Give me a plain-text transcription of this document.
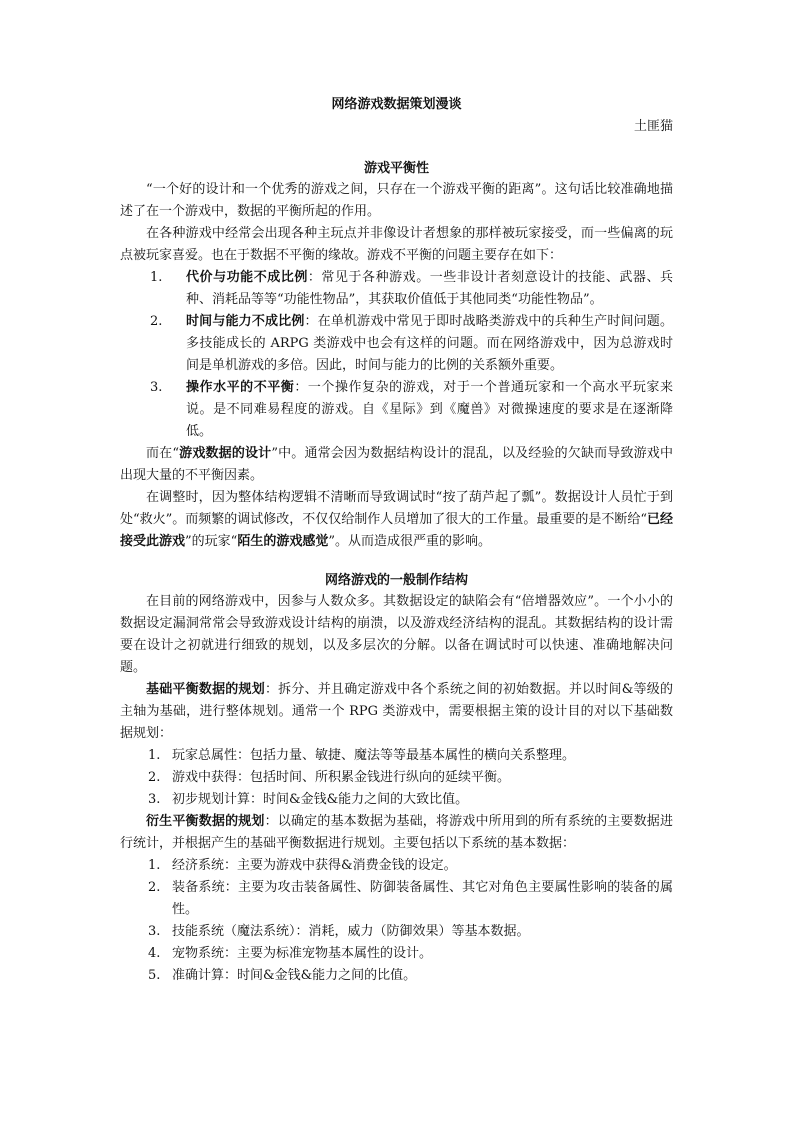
网络游戏数据策划漫谈
土匪猫
游戏平衡性

“一个好的设计和一个优秀的游戏之间，只存在一个游戏平衡的距离”。这句话比较准确地描述了在一个游戏中，数据的平衡所起的作用。

在各种游戏中经常会出现各种主玩点并非像设计者想象的那样被玩家接受，而一些偏离的玩点被玩家喜爱。也在于数据不平衡的缘故。游戏不平衡的问题主要存在如下：

1. 代价与功能不成比例：常见于各种游戏。一些非设计者刻意设计的技能、武器、兵种、消耗品等等“功能性物品”，其获取价值低于其他同类“功能性物品”。
2. 时间与能力不成比例：在单机游戏中常见于即时战略类游戏中的兵种生产时间问题。多技能成长的 ARPG 类游戏中也会有这样的问题。而在网络游戏中，因为总游戏时间是单机游戏的多倍。因此，时间与能力的比例的关系额外重要。
3. 操作水平的不平衡：一个操作复杂的游戏，对于一个普通玩家和一个高水平玩家来说。是不同难易程度的游戏。自《星际》到《魔兽》对微操速度的要求是在逐渐降低。

而在“游戏数据的设计”中。通常会因为数据结构设计的混乱，以及经验的欠缺而导致游戏中出现大量的不平衡因素。

在调整时，因为整体结构逻辑不清晰而导致调试时“按了葫芦起了瓢”。数据设计人员忙于到处“救火”。而频繁的调试修改，不仅仅给制作人员增加了很大的工作量。最重要的是不断给“已经接受此游戏”的玩家“陌生的游戏感觉”。从而造成很严重的影响。

网络游戏的一般制作结构

在目前的网络游戏中，因参与人数众多。其数据设定的缺陷会有“倍增器效应”。一个小小的数据设定漏洞常常会导致游戏设计结构的崩溃，以及游戏经济结构的混乱。其数据结构的设计需要在设计之初就进行细致的规划，以及多层次的分解。以备在调试时可以快速、准确地解决问题。

基础平衡数据的规划：拆分、并且确定游戏中各个系统之间的初始数据。并以时间&等级的主轴为基础，进行整体规划。通常一个 RPG 类游戏中，需要根据主策的设计目的对以下基础数据规划：

1. 玩家总属性：包括力量、敏捷、魔法等等最基本属性的横向关系整理。
2. 游戏中获得：包括时间、所积累金钱进行纵向的延续平衡。
3. 初步规划计算：时间&金钱&能力之间的大致比值。

衍生平衡数据的规划：以确定的基本数据为基础，将游戏中所用到的所有系统的主要数据进行统计，并根据产生的基础平衡数据进行规划。主要包括以下系统的基本数据：

1. 经济系统：主要为游戏中获得&消费金钱的设定。
2. 装备系统：主要为攻击装备属性、防御装备属性、其它对角色主要属性影响的装备的属性。
3. 技能系统（魔法系统）：消耗，威力（防御效果）等基本数据。
4. 宠物系统：主要为标准宠物基本属性的设计。
5. 准确计算：时间&金钱&能力之间的比值。
